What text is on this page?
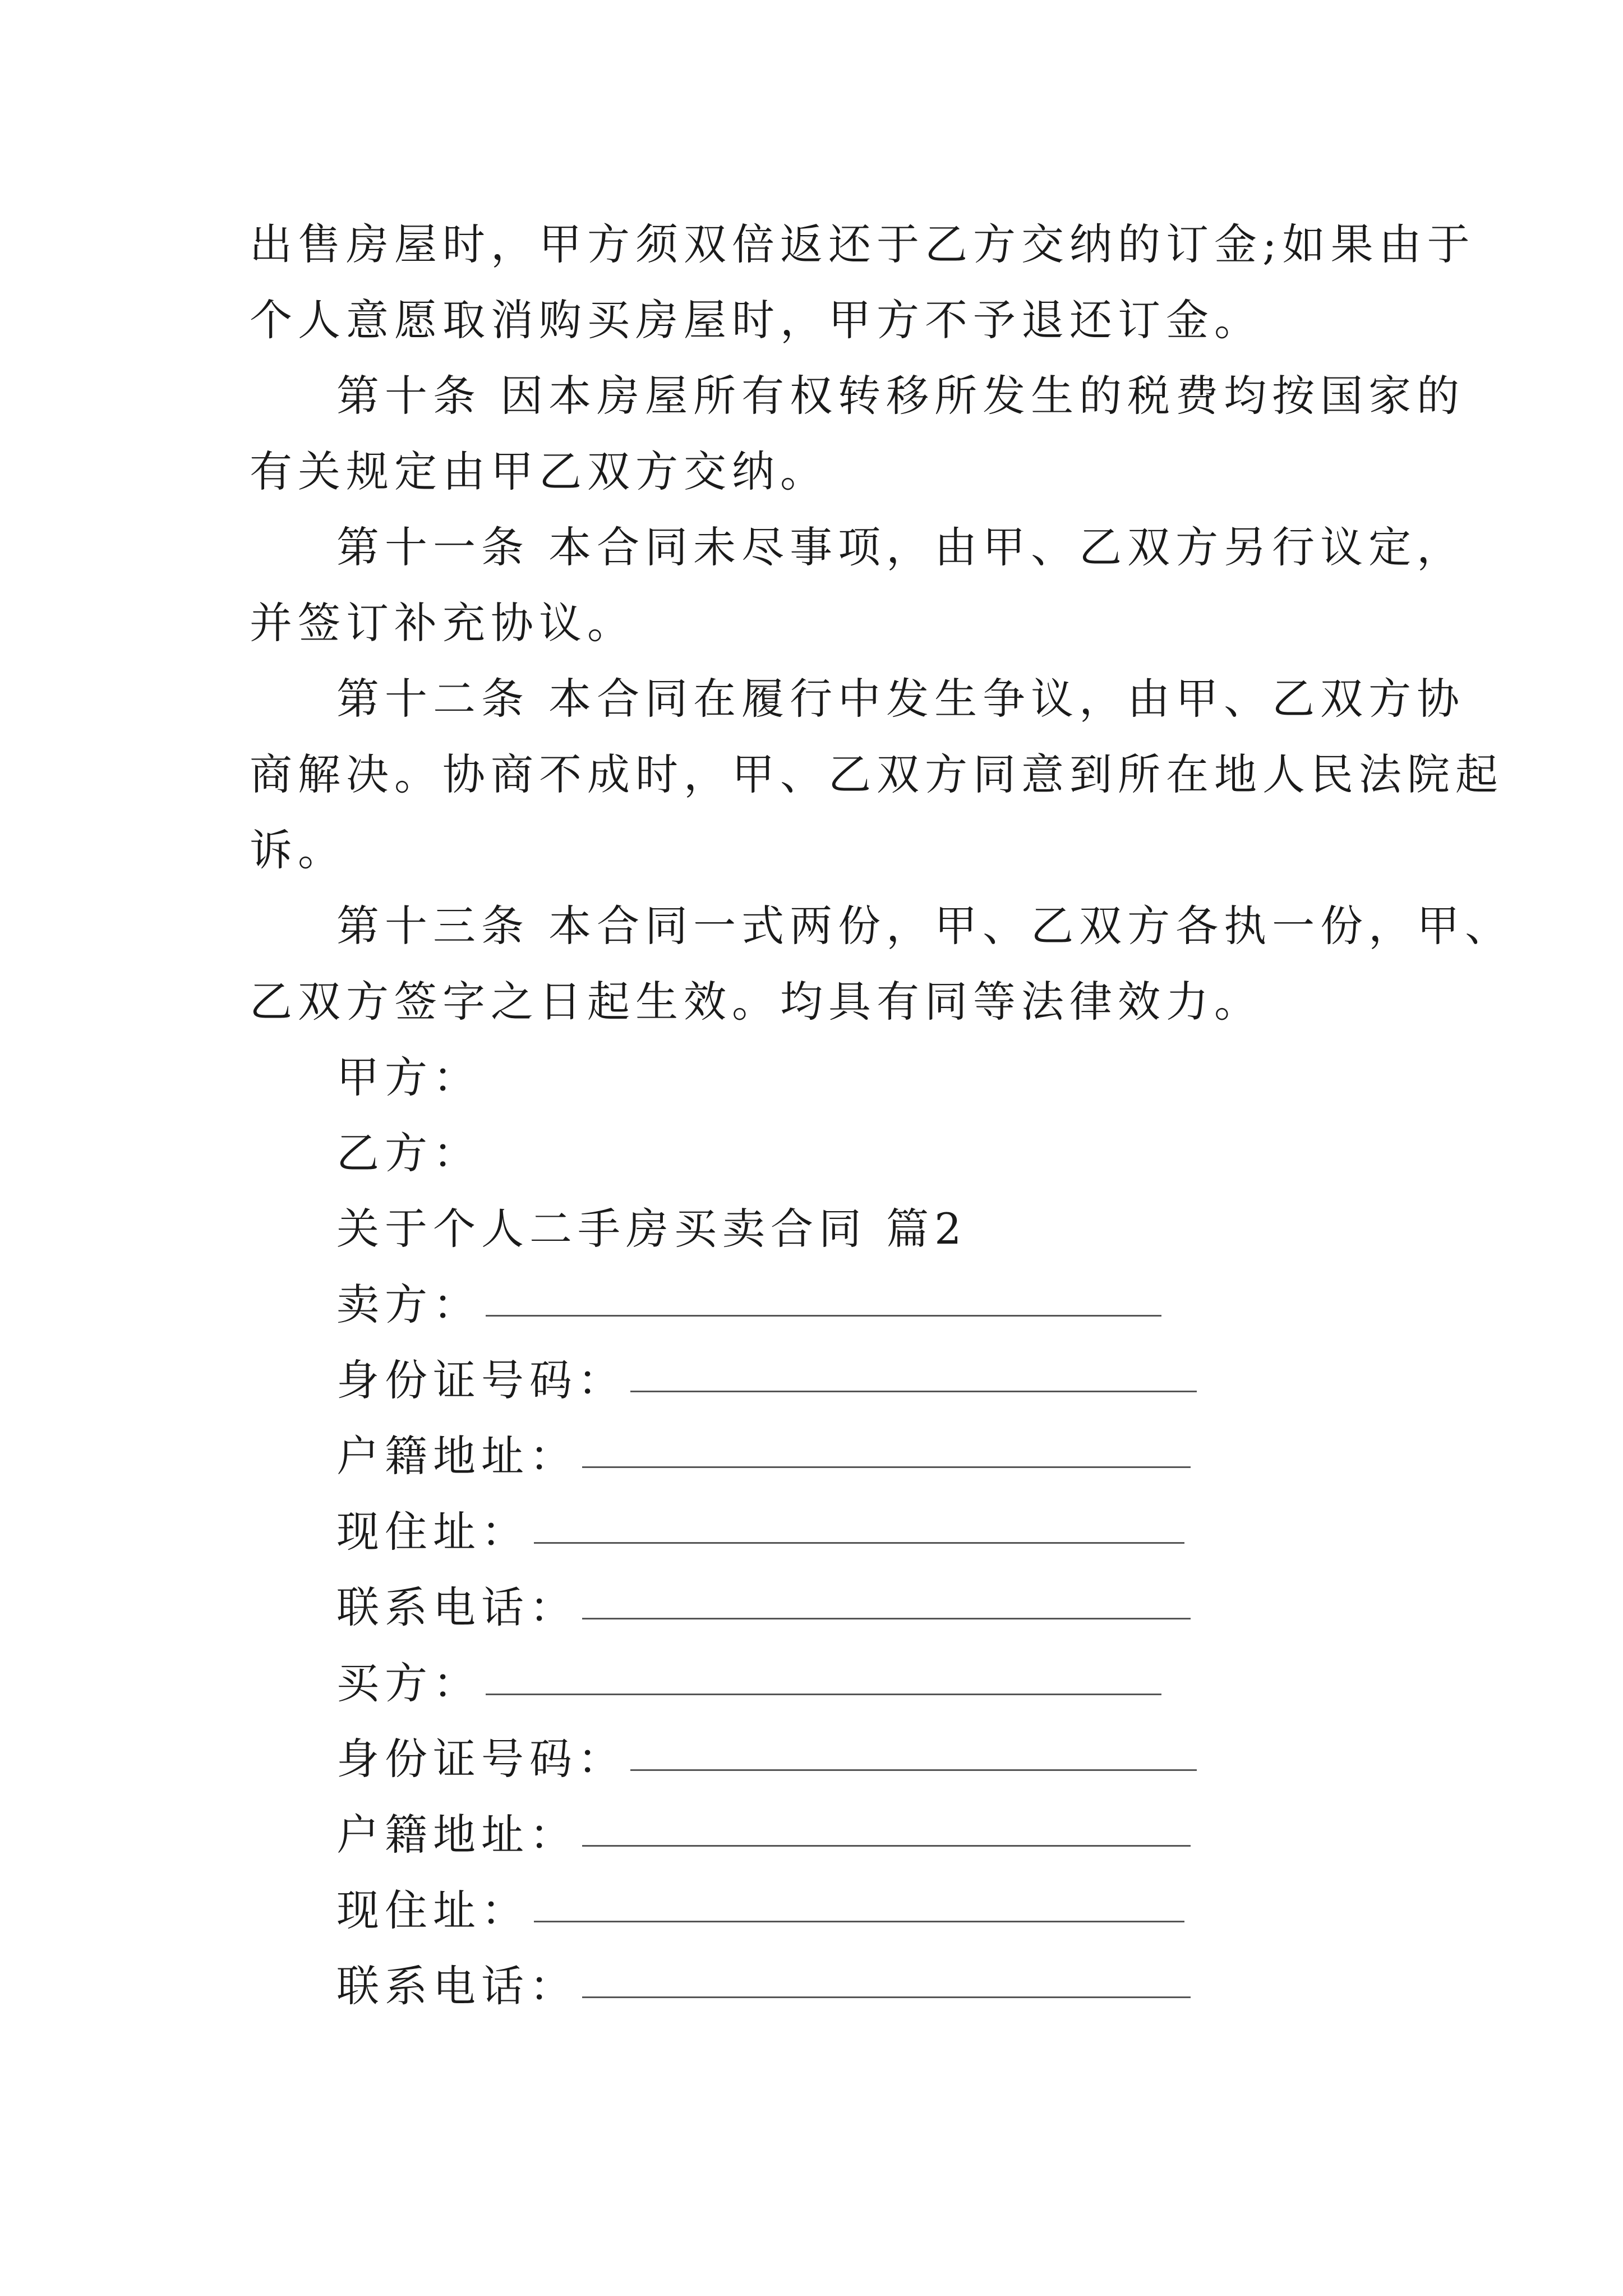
出售房屋时，甲方须双倍返还于乙方交纳的订金;如果由于
个人意愿取消购买房屋时，甲方不予退还订金。
第十条 因本房屋所有权转移所发生的税费均按国家的
有关规定由甲乙双方交纳。
第十一条 本合同未尽事项，由甲、乙双方另行议定，
并签订补充协议。
第十二条 本合同在履行中发生争议，由甲、乙双方协
商解决。协商不成时，甲、乙双方同意到所在地人民法院起
诉。
第十三条 本合同一式两份，甲、乙双方各执一份，甲、
乙双方签字之日起生效。均具有同等法律效力。
甲方：
乙方：
关于个人二手房买卖合同 篇2
卖方：
身份证号码：
户籍地址：
现住址：
联系电话：
买方：
身份证号码：
户籍地址：
现住址：
联系电话：
